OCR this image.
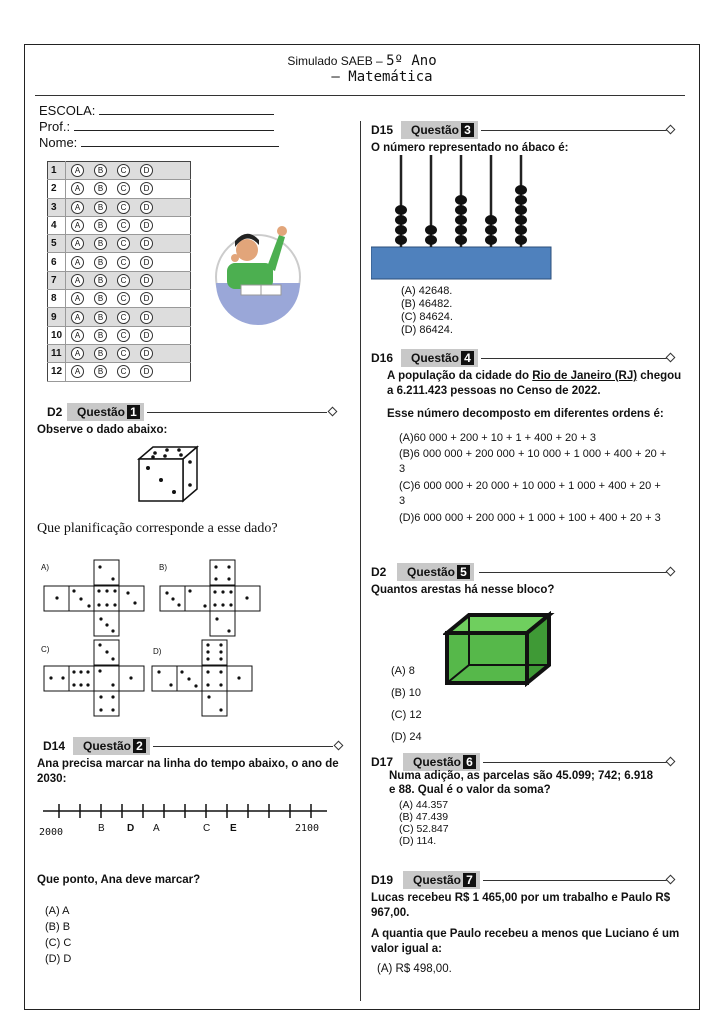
Simulado SAEB – 5º Ano
– Matemática
ESCOLA:
Prof.:
Nome:
1	A B C D
2	A B C D
3	A B C D
4	A B C D
5	A B C D
6	A B C D
7	A B C D
8	A B C D
9	A B C D
10	A B C D
11	A B C D
12	A B C D
D2	Questão 1
Observe o dado abaixo:
Que planificação corresponde a esse dado?
A)	B)
C)	D)
D14	Questão 2
Ana precisa marcar na linha do tempo abaixo, o ano de 2030:
2000	2100
B D A	C E
Que ponto, Ana deve marcar?
(A) A
(B) B
(C) C
(D) D
D15	Questão 3
O número representado no ábaco é:
(A) 42648.
(B) 46482.
(C) 84624.
(D) 86424.
D16	Questão 4
A população da cidade do Rio de Janeiro (RJ) chegou a 6.211.423 pessoas no Censo de 2022.
Esse número decomposto em diferentes ordens é:
(A)60 000 + 200 + 10 + 1 + 400 + 20 + 3
(B)6 000 000 + 200 000 + 10 000 + 1 000 + 400 + 20 + 3
(C)6 000 000 + 20 000 + 10 000 + 1 000 + 400 + 20 + 3
(D)6 000 000 + 200 000 + 1 000 + 100 + 400 + 20 + 3
D2	Questão 5
Quantos arestas há nesse bloco?
(A) 8
(B) 10
(C) 12
(D) 24
D17	Questão 6
Numa adição, as parcelas são 45.099; 742; 6.918 e 88. Qual é o valor da soma?
(A) 44.357
(B) 47.439
(C) 52.847
(D) 114.
D19	Questão 7
Lucas recebeu R$ 1 465,00 por um trabalho e Paulo R$ 967,00.
A quantia que Paulo recebeu a menos que Luciano é um valor igual a:
(A) R$ 498,00.
